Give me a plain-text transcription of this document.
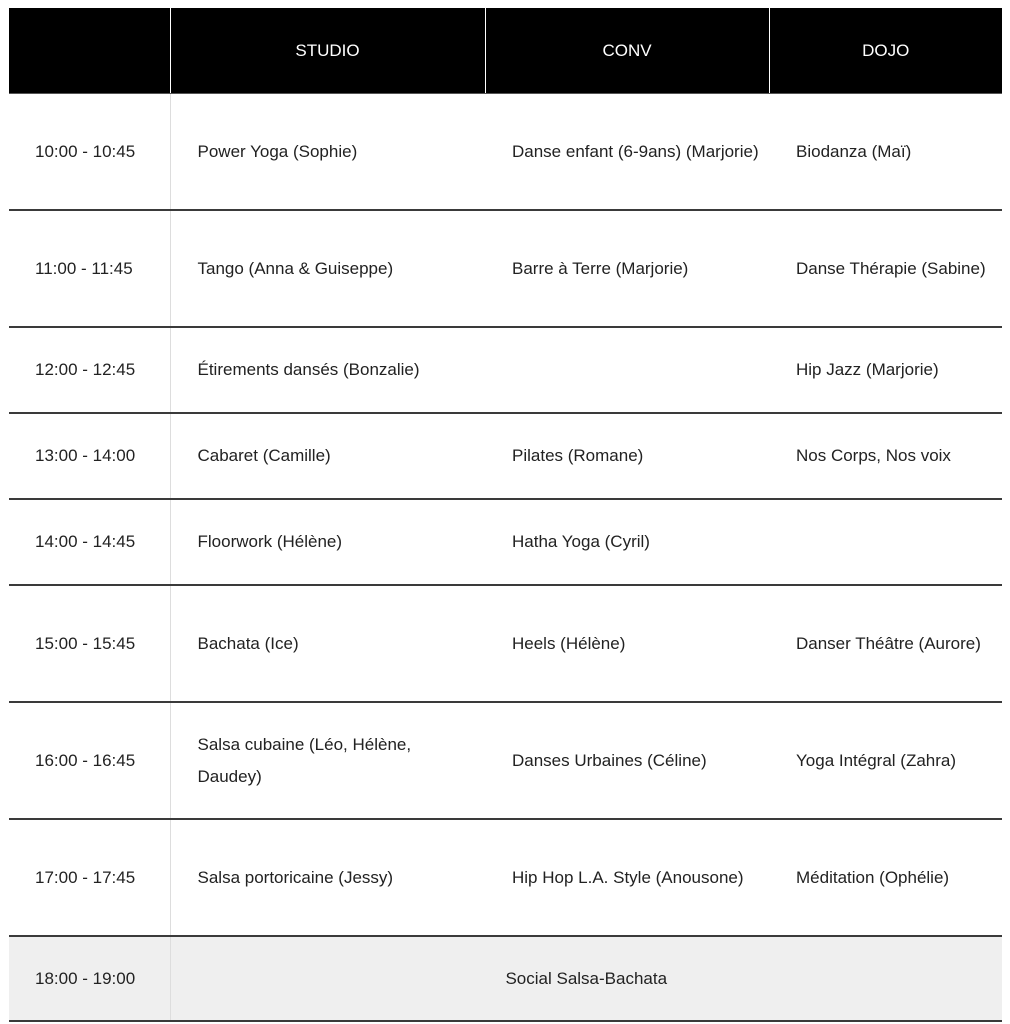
	STUDIO	CONV	DOJO
10:00 - 10:45	Power Yoga (Sophie)	Danse enfant (6-9ans) (Marjorie)	Biodanza (Maï)
11:00 - 11:45	Tango (Anna & Guiseppe)	Barre à Terre (Marjorie)	Danse Thérapie (Sabine)
12:00 - 12:45	Étirements dansés (Bonzalie)		Hip Jazz (Marjorie)
13:00 - 14:00	Cabaret (Camille)	Pilates (Romane)	Nos Corps, Nos voix
14:00 - 14:45	Floorwork (Hélène)	Hatha Yoga (Cyril)	
15:00 - 15:45	Bachata (Ice)	Heels (Hélène)	Danser Théâtre (Aurore)
16:00 - 16:45	Salsa cubaine (Léo, Hélène, Daudey)	Danses Urbaines (Céline)	Yoga Intégral (Zahra)
17:00 - 17:45	Salsa portoricaine (Jessy)	Hip Hop L.A. Style (Anousone)	Méditation (Ophélie)
18:00 - 19:00	Social Salsa-Bachata		
